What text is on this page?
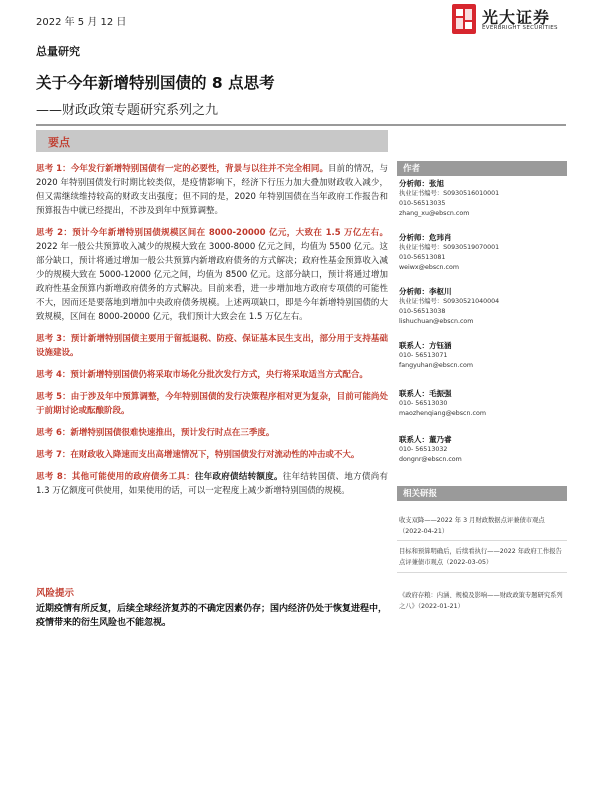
2022 年 5 月 12 日	光大证券
EVERBRIGHT SECURITIES
总量研究
关于今年新增特别国债的 8 点思考
——财政政策专题研究系列之九
要点

思考 1：今年发行新增特别国债有一定的必要性，背景与以往并不完全相同。目前的情况，与 2020 年特别国债发行时期比较类似，是疫情影响下，经济下行压力加大叠加财政收入减少，但又需继续维持较高的财政支出强度；但不同的是，2020 年特别国债在当年政府工作报告和预算报告中就已经提出，不涉及到年中预算调整。

思考 2：预计今年新增特别国债规模区间在 8000-20000 亿元，大致在 1.5 万亿左右。2022 年一般公共预算收入减少的规模大致在 3000-8000 亿元之间，均值为 5500 亿元。这部分缺口，预计将通过增加一般公共预算内新增政府债务的方式解决；政府性基金预算收入减少的规模大致在 5000-12000 亿元之间，均值为 8500 亿元。这部分缺口，预计将通过增加政府性基金预算内新增政府债务的方式解决。目前来看，进一步增加地方政府专项债的可能性不大，因而还是要落地到增加中央政府债务规模。上述两项缺口，即是今年新增特别国债的大致规模，区间在 8000-20000 亿元，我们预计大致会在 1.5 万亿左右。

思考 3：预计新增特别国债主要用于留抵退税、防疫、保证基本民生支出，部分用于支持基础设施建设。

思考 4：预计新增特别国债仍将采取市场化分批次发行方式，央行将采取适当方式配合。

思考 5：由于涉及年中预算调整，今年特别国债的发行决策程序相对更为复杂，目前可能尚处于前期讨论或酝酿阶段。

思考 6：新增特别国债很难快速推出，预计发行时点在三季度。

思考 7：在财政收入降速而支出高增速情况下，特别国债发行对流动性的冲击或不大。

思考 8：其他可能使用的政府债务工具：往年政府债结转额度。往年结转国债、地方债尚有 1.3 万亿额度可供使用，如果使用的话，可以一定程度上减少新增特别国债的规模。

风险提示
近期疫情有所反复，后续全球经济复苏的不确定因素仍存；国内经济仍处于恢复进程中，疫情带来的衍生风险也不能忽视。
作者
分析师：张旭
执业证书编号：S0930516010001
010-56513035
zhang_xu@ebscn.com
分析师：危玮肖
执业证书编号：S0930519070001
010-56513081
weiwx@ebscn.com
分析师：李枢川
执业证书编号：S0930521040004
010-56513038
lishuchuan@ebscn.com
联系人：方钰涵
010- 56513071
fangyuhan@ebscn.com
联系人：毛振强
010- 56513030
maozhenqiang@ebscn.com
联系人：董乃睿
010- 56513032
dongnr@ebscn.com
相关研报
收支双降——2022 年 3 月财政数据点评兼债市观点（2022-04-21）
目标和预算明确后，后续看执行——2022 年政府工作报告点评兼债市观点（2022-03-05）
《政府存粮：内涵、规模及影响——财政政策专题研究系列之八》（2022-01-21）
